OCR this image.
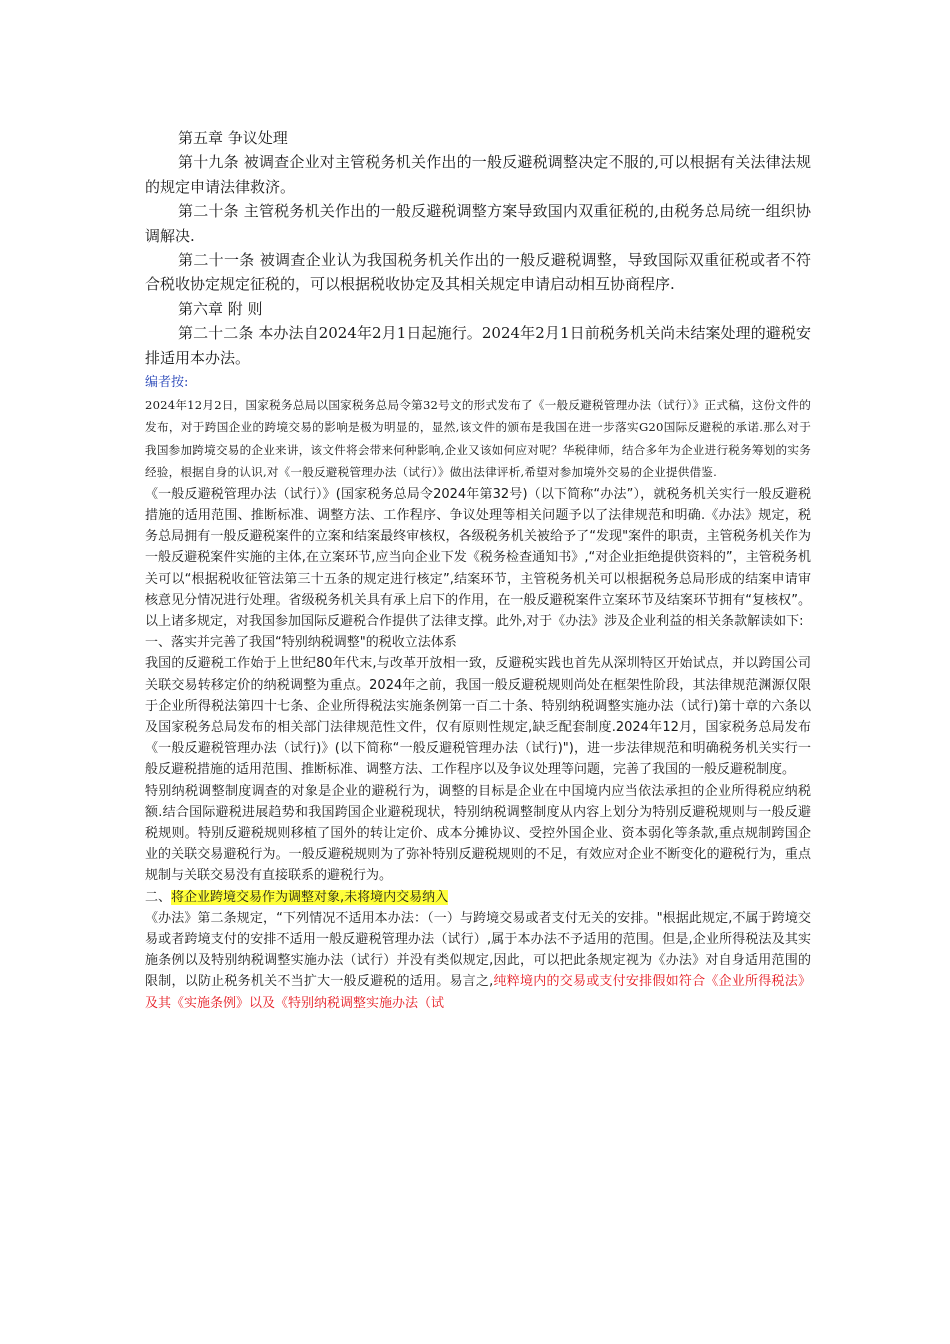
第五章 争议处理

第十九条 被调查企业对主管税务机关作出的一般反避税调整决定不服的,可以根据有关法律法规的规定申请法律救济。

第二十条 主管税务机关作出的一般反避税调整方案导致国内双重征税的,由税务总局统一组织协调解决.

第二十一条 被调查企业认为我国税务机关作出的一般反避税调整，导致国际双重征税或者不符合税收协定规定征税的，可以根据税收协定及其相关规定申请启动相互协商程序.

第六章 附 则

第二十二条 本办法自2024年2月1日起施行。2024年2月1日前税务机关尚未结案处理的避税安排适用本办法。

编者按:

2024年12月2日，国家税务总局以国家税务总局令第32号文的形式发布了《一般反避税管理办法（试行）》正式稿，这份文件的发布，对于跨国企业的跨境交易的影响是极为明显的，显然,该文件的颁布是我国在进一步落实G20国际反避税的承诺.那么对于我国参加跨境交易的企业来讲，该文件将会带来何种影响,企业又该如何应对呢？华税律师，结合多年为企业进行税务筹划的实务经验，根据自身的认识,对《一般反避税管理办法（试行）》做出法律评析,希望对参加境外交易的企业提供借鉴.

《一般反避税管理办法（试行）》(国家税务总局令2024年第32号)（以下简称“办法”），就税务机关实行一般反避税措施的适用范围、推断标准、调整方法、工作程序、争议处理等相关问题予以了法律规范和明确.《办法》规定，税务总局拥有一般反避税案件的立案和结案最终审核权，各级税务机关被给予了“发现"案件的职责，主管税务机关作为一般反避税案件实施的主体,在立案环节,应当向企业下发《税务检查通知书》,“对企业拒绝提供资料的”，主管税务机关可以“根据税收征管法第三十五条的规定进行核定”,结案环节，主管税务机关可以根据税务总局形成的结案申请审核意见分情况进行处理。省级税务机关具有承上启下的作用，在一般反避税案件立案环节及结案环节拥有“复核权”。以上诸多规定，对我国参加国际反避税合作提供了法律支撑。此外,对于《办法》涉及企业利益的相关条款解读如下:

一、落实并完善了我国“特别纳税调整"的税收立法体系

我国的反避税工作始于上世纪80年代末,与改革开放相一致，反避税实践也首先从深圳特区开始试点，并以跨国公司关联交易转移定价的纳税调整为重点。2024年之前，我国一般反避税规则尚处在框架性阶段，其法律规范渊源仅限于企业所得税法第四十七条、企业所得税法实施条例第一百二十条、特别纳税调整实施办法（试行)第十章的六条以及国家税务总局发布的相关部门法律规范性文件，仅有原则性规定,缺乏配套制度.2024年12月，国家税务总局发布《一般反避税管理办法（试行)》(以下简称“一般反避税管理办法（试行)")，进一步法律规范和明确税务机关实行一般反避税措施的适用范围、推断标准、调整方法、工作程序以及争议处理等问题，完善了我国的一般反避税制度。

特别纳税调整制度调查的对象是企业的避税行为，调整的目标是企业在中国境内应当依法承担的企业所得税应纳税额.结合国际避税进展趋势和我国跨国企业避税现状，特别纳税调整制度从内容上划分为特别反避税规则与一般反避税规则。特别反避税规则移植了国外的转让定价、成本分摊协议、受控外国企业、资本弱化等条款,重点规制跨国企业的关联交易避税行为。一般反避税规则为了弥补特别反避税规则的不足，有效应对企业不断变化的避税行为，重点规制与关联交易没有直接联系的避税行为。

二、将企业跨境交易作为调整对象,未将境内交易纳入

《办法》第二条规定，“下列情况不适用本办法：（一）与跨境交易或者支付无关的安排。"根据此规定,不属于跨境交易或者跨境支付的安排不适用一般反避税管理办法（试行）,属于本办法不予适用的范围。但是,企业所得税法及其实施条例以及特别纳税调整实施办法（试行）并没有类似规定,因此，可以把此条规定视为《办法》对自身适用范围的限制，以防止税务机关不当扩大一般反避税的适用。易言之,纯粹境内的交易或支付安排假如符合《企业所得税法》及其《实施条例》以及《特别纳税调整实施办法（试
